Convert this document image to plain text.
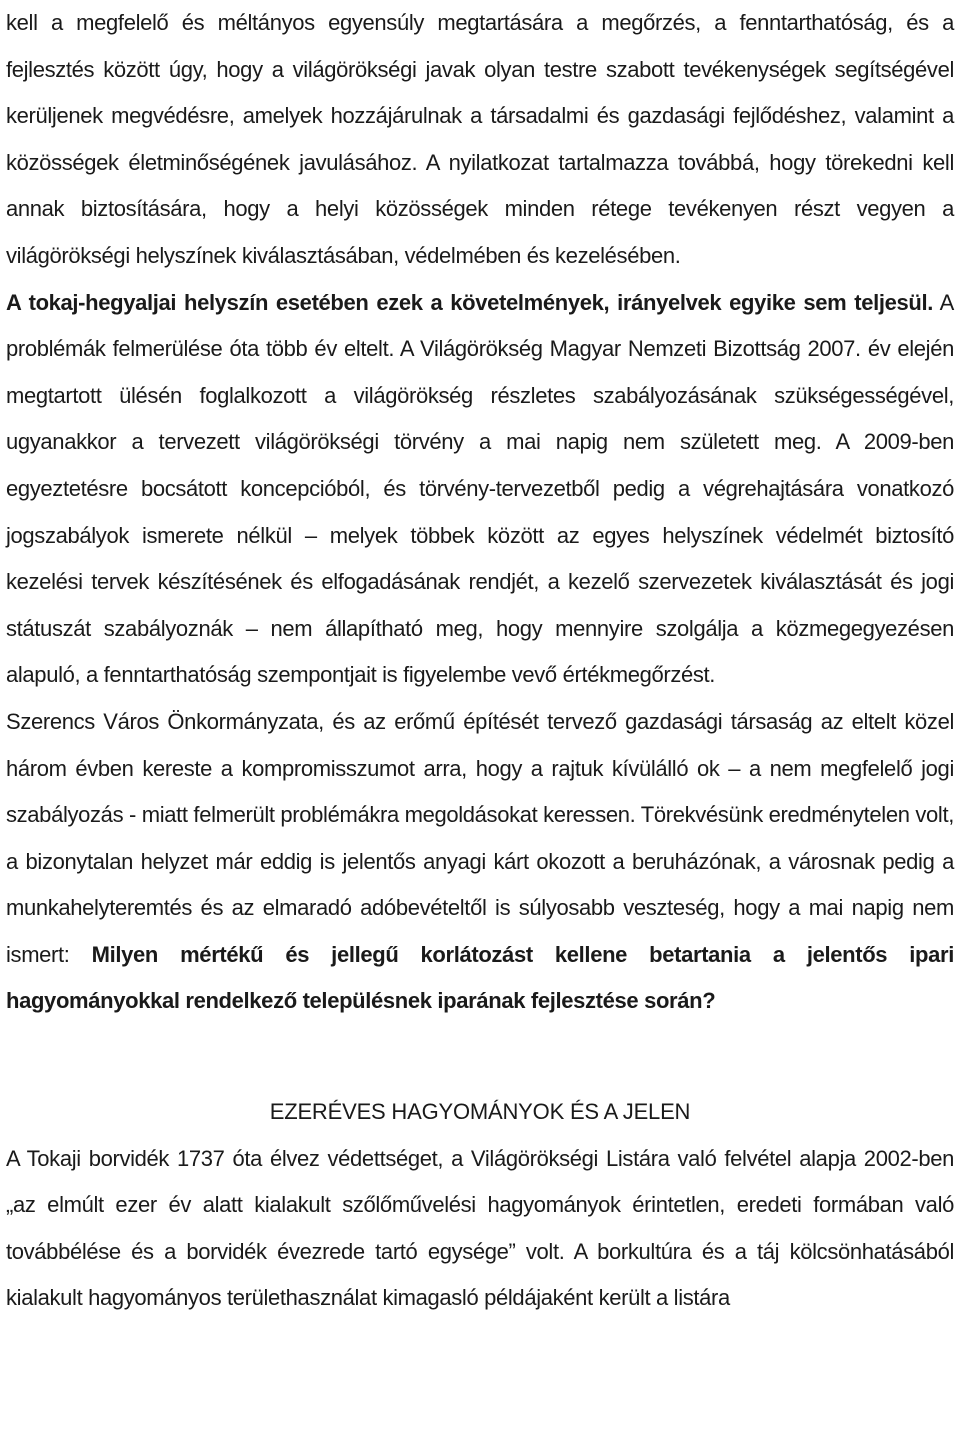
kell a megfelelő és méltányos egyensúly megtartására a megőrzés, a fenntarthatóság, és a fejlesztés között úgy, hogy a világörökségi javak olyan testre szabott tevékenységek segítségével kerüljenek megvédésre, amelyek hozzájárulnak a társadalmi és gazdasági fejlődéshez, valamint a közösségek életminőségének javulásához. A nyilatkozat tartalmazza továbbá, hogy törekedni kell annak biztosítására, hogy a helyi közösségek minden rétege tevékenyen részt vegyen a világörökségi helyszínek kiválasztásában, védelmében és kezelésében.

A tokaj-hegyaljai helyszín esetében ezek a követelmények, irányelvek egyike sem teljesül. A problémák felmerülése óta több év eltelt. A Világörökség Magyar Nemzeti Bizottság 2007. év elején megtartott ülésén foglalkozott a világörökség részletes szabályozásának szükségességével, ugyanakkor a tervezett világörökségi törvény a mai napig nem született meg. A 2009-ben egyeztetésre bocsátott koncepcióból, és törvény-tervezetből pedig a végrehajtására vonatkozó jogszabályok ismerete nélkül – melyek többek között az egyes helyszínek védelmét biztosító kezelési tervek készítésének és elfogadásának rendjét, a kezelő szervezetek kiválasztását és jogi státuszát szabályoznák – nem állapítható meg, hogy mennyire szolgálja a közmegegyezésen alapuló, a fenntarthatóság szempontjait is figyelembe vevő értékmegőrzést.

Szerencs Város Önkormányzata, és az erőmű építését tervező gazdasági társaság az eltelt közel három évben kereste a kompromisszumot arra, hogy a rajtuk kívülálló ok – a nem megfelelő jogi szabályozás - miatt felmerült problémákra megoldásokat keressen. Törekvésünk eredménytelen volt, a bizonytalan helyzet már eddig is jelentős anyagi kárt okozott a beruházónak, a városnak pedig a munkahelyteremtés és az elmaradó adóbevételtől is súlyosabb veszteség, hogy a mai napig nem ismert: Milyen mértékű és jellegű korlátozást kellene betartania a jelentős ipari hagyományokkal rendelkező településnek iparának fejlesztése során?

EZERÉVES HAGYOMÁNYOK ÉS A JELEN

A Tokaji borvidék 1737 óta élvez védettséget, a Világörökségi Listára való felvétel alapja 2002-ben „az elmúlt ezer év alatt kialakult szőlőművelési hagyományok érintetlen, eredeti formában való továbbélése és a borvidék évezrede tartó egysége” volt. A borkultúra és a táj kölcsönhatásából kialakult hagyományos területhasználat kimagasló példájaként került a listára
